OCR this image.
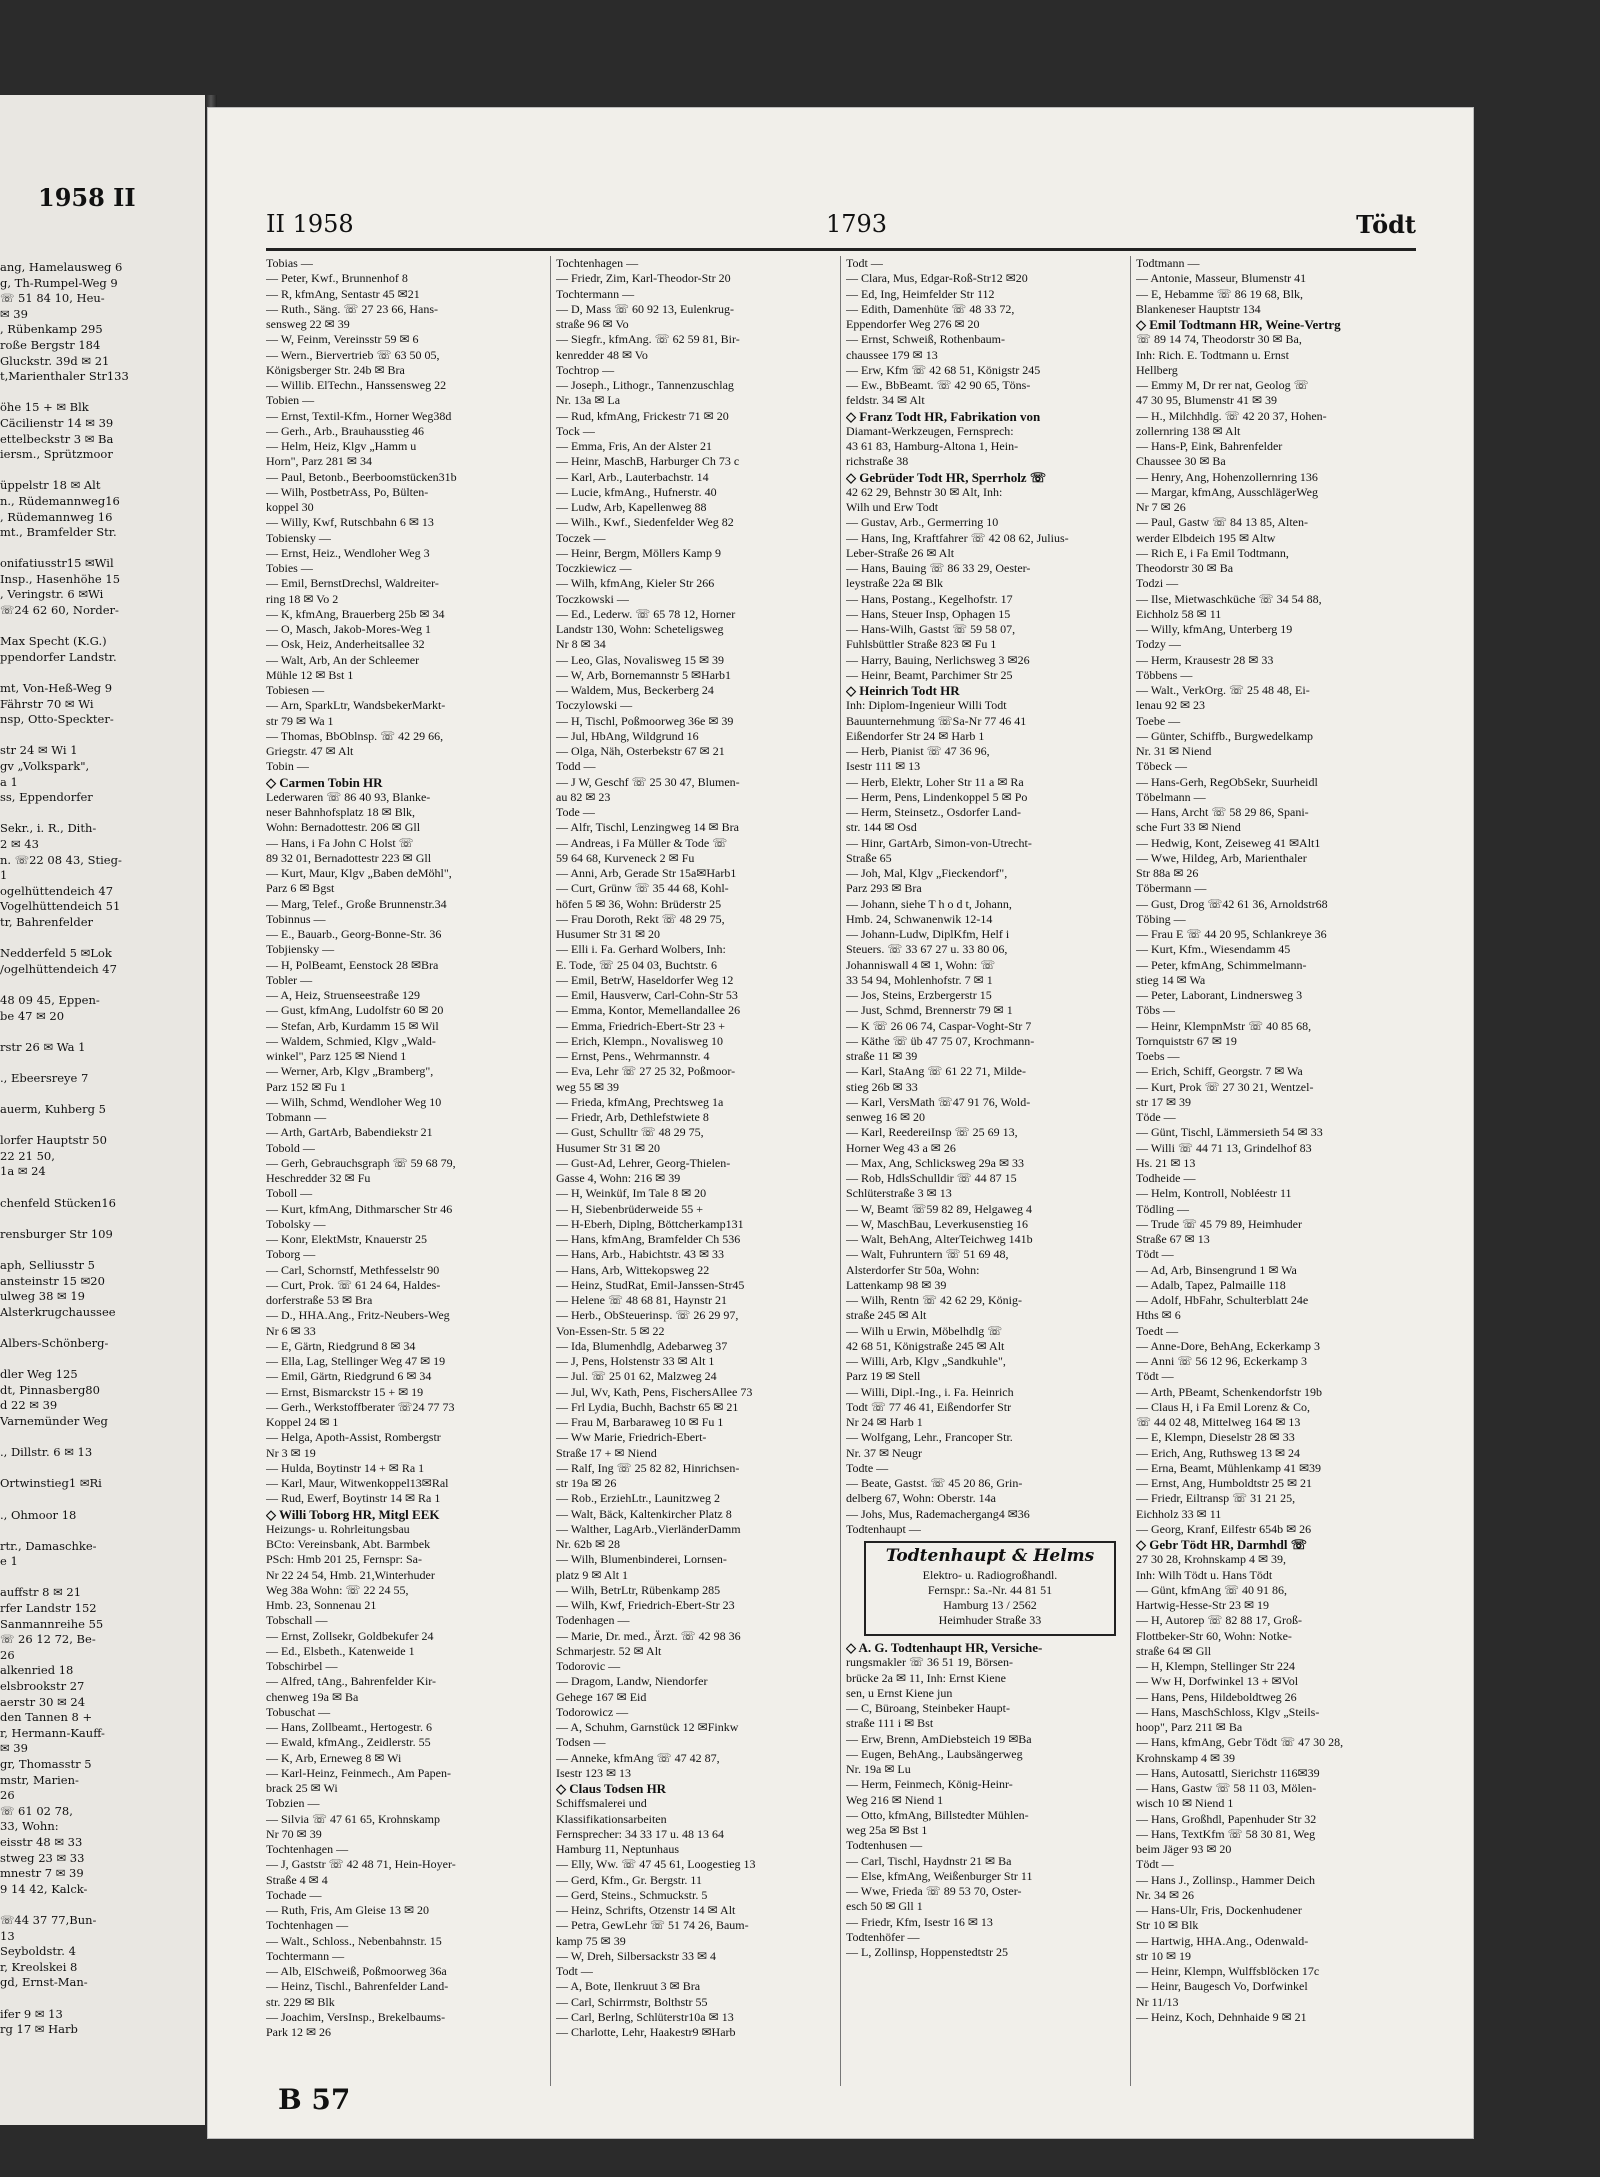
1958 II
ang, Hamelausweg 6
g, Th-Rumpel-Weg 9
☏ 51 84 10, Heu-
✉ 39
, Rübenkamp 295
roße Bergstr 184
Gluckstr. 39d ✉ 21
t,Marienthaler Str133
öhe 15 + ✉ Blk
Cäcilienstr 14 ✉ 39
ettelbeckstr 3 ✉ Ba
iersm., Sprützmoor
üppelstr 18 ✉ Alt
n., Rüdemannweg16
, Rüdemannweg 16
mt., Bramfelder Str.
onifatiusstr15 ✉Wil
Insp., Hasenhöhe 15
, Veringstr. 6 ✉Wi
☏24 62 60, Norder-
Max Specht (K.G.)
ppendorfer Landstr.
mt, Von-Heß-Weg 9
Fährstr 70 ✉ Wi
nsp, Otto-Speckter-
str 24 ✉ Wi 1
gv „Volkspark",
a 1
ss, Eppendorfer
Sekr., i. R., Dith-
2 ✉ 43
n. ☏22 08 43, Stieg-
1
ogelhüttendeich 47
Vogelhüttendeich 51
tr, Bahrenfelder
Nedderfeld 5 ✉Lok
/ogelhüttendeich 47
48 09 45, Eppen-
be 47 ✉ 20
rstr 26 ✉ Wa 1
., Ebeersreye 7
auerm, Kuhberg 5
lorfer Hauptstr 50
22 21 50,
1a ✉ 24
chenfeld Stücken16
rensburger Str 109
aph, Selliusstr 5
ansteinstr 15 ✉20
ulweg 38 ✉ 19
Alsterkrugchaussee
Albers-Schönberg-
dler Weg 125
dt, Pinnasberg80
d 22 ✉ 39
Varnemünder Weg
., Dillstr. 6 ✉ 13
Ortwinstieg1 ✉Ri
., Ohmoor 18
rtr., Damaschke-
e 1
auffstr 8 ✉ 21
rfer Landstr 152
Sanmannreihe 55
☏ 26 12 72, Be-
26
alkenried 18
elsbrookstr 27
aerstr 30 ✉ 24
den Tannen 8 +
r, Hermann-Kauff-
✉ 39
gr, Thomasstr 5
mstr, Marien-
26
☏ 61 02 78,
33, Wohn:
eisstr 48 ✉ 33
stweg 23 ✉ 33
mnestr 7 ✉ 39
9 14 42, Kalck-
☏44 37 77,Bun-
13
Seyboldstr. 4
r, Kreolskei 8
gd, Ernst-Man-
ifer 9 ✉ 13
rg 17 ✉ Harb
II 1958	1793	Tödt
Tobias —
— Peter, Kwf., Brunnenhof 8
— R, kfmAng, Sentastr 45 ✉21
— Ruth., Säng. ☏ 27 23 66, Hans-
sensweg 22 ✉ 39
— W, Feinm, Vereinsstr 59 ✉ 6
— Wern., Biervertrieb ☏ 63 50 05,
Königsberger Str. 24b ✉ Bra
— Willib. ElTechn., Hanssensweg 22
Tobien —
— Ernst, Textil-Kfm., Horner Weg38d
— Gerh., Arb., Brauhausstieg 46
— Helm, Heiz, Klgv „Hamm u
Horn", Parz 281 ✉ 34
— Paul, Betonb., Beerboomstücken31b
— Wilh, PostbetrAss, Po, Bülten-
koppel 30
— Willy, Kwf, Rutschbahn 6 ✉ 13
Tobiensky —
— Ernst, Heiz., Wendloher Weg 3
Tobies —
— Emil, BernstDrechsl, Waldreiter-
ring 18 ✉ Vo 2
— K, kfmAng, Brauerberg 25b ✉ 34
— O, Masch, Jakob-Mores-Weg 1
— Osk, Heiz, Anderheitsallee 32
— Walt, Arb, An der Schleemer
Mühle 12 ✉ Bst 1
Tobiesen —
— Arn, SparkLtr, WandsbekerMarkt-
str 79 ✉ Wa 1
— Thomas, BbOblnsp. ☏ 42 29 66,
Griegstr. 47 ✉ Alt
Tobin —
◇ Carmen Tobin HR
Lederwaren ☏ 86 40 93, Blanke-
neser Bahnhofsplatz 18 ✉ Blk,
Wohn: Bernadottestr. 206 ✉ Gll
— Hans, i Fa John C Holst ☏
89 32 01, Bernadottestr 223 ✉ Gll
— Kurt, Maur, Klgv „Baben deMöhl",
Parz 6 ✉ Bgst
— Marg, Telef., Große Brunnenstr.34
Tobinnus —
— E., Bauarb., Georg-Bonne-Str. 36
Tobjiensky —
— H, PolBeamt, Eenstock 28 ✉Bra
Tobler —
— A, Heiz, Struenseestraße 129
— Gust, kfmAng, Ludolfstr 60 ✉ 20
— Stefan, Arb, Kurdamm 15 ✉ Wil
— Waldem, Schmied, Klgv „Wald-
winkel", Parz 125 ✉ Niend 1
— Werner, Arb, Klgv „Bramberg",
Parz 152 ✉ Fu 1
— Wilh, Schmd, Wendloher Weg 10
Tobmann —
— Arth, GartArb, Babendiekstr 21
Tobold —
— Gerh, Gebrauchsgraph ☏ 59 68 79,
Heschredder 32 ✉ Fu
Toboll —
— Kurt, kfmAng, Dithmarscher Str 46
Tobolsky —
— Konr, ElektMstr, Knauerstr 25
Toborg —
— Carl, Schornstf, Methfesselstr 90
— Curt, Prok. ☏ 61 24 64, Haldes-
dorferstraße 53 ✉ Bra
— D., HHA.Ang., Fritz-Neubers-Weg
Nr 6 ✉ 33
— E, Gärtn, Riedgrund 8 ✉ 34
— Ella, Lag, Stellinger Weg 47 ✉ 19
— Emil, Gärtn, Riedgrund 6 ✉ 34
— Ernst, Bismarckstr 15 + ✉ 19
— Gerh., Werkstoffberater ☏24 77 73
Koppel 24 ✉ 1
— Helga, Apoth-Assist, Rombergstr
Nr 3 ✉ 19
— Hulda, Boytinstr 14 + ✉ Ra 1
— Karl, Maur, Witwenkoppel13✉Ral
— Rud, Ewerf, Boytinstr 14 ✉ Ra 1
◇ Willi Toborg HR, Mitgl EEK
Heizungs- u. Rohrleitungsbau
BCto: Vereinsbank, Abt. Barmbek
PSch: Hmb 201 25, Fernspr: Sa-
Nr 22 24 54, Hmb. 21,Winterhuder
Weg 38a Wohn: ☏ 22 24 55,
Hmb. 23, Sonnenau 21
Tobschall —
— Ernst, Zollsekr, Goldbekufer 24
— Ed., Elsbeth., Katenweide 1
Tobschirbel —
— Alfred, tAng., Bahrenfelder Kir-
chenweg 19a ✉ Ba
Tobuschat —
— Hans, Zollbeamt., Hertogestr. 6
— Ewald, kfmAng., Zeidlerstr. 55
— K, Arb, Erneweg 8 ✉ Wi
— Karl-Heinz, Feinmech., Am Papen-
brack 25 ✉ Wi
Tobzien —
— Silvia ☏ 47 61 65, Krohnskamp
Nr 70 ✉ 39
Tochtenhagen —
— J, Gaststr ☏ 42 48 71, Hein-Hoyer-
Straße 4 ✉ 4
Tochade —
— Ruth, Fris, Am Gleise 13 ✉ 20
Tochtenhagen —
— Walt., Schloss., Nebenbahnstr. 15
Tochtermann —
— Alb, ElSchweiß, Poßmoorweg 36a
— Heinz, Tischl., Bahrenfelder Land-
str. 229 ✉ Blk
— Joachim, VersInsp., Brekelbaums-
Park 12 ✉ 26
Tochtenhagen —
— Friedr, Zim, Karl-Theodor-Str 20
Tochtermann —
— D, Mass ☏ 60 92 13, Eulenkrug-
straße 96 ✉ Vo
— Siegfr., kfmAng. ☏ 62 59 81, Bir-
kenredder 48 ✉ Vo
Tochtrop —
— Joseph., Lithogr., Tannenzuschlag
Nr. 13a ✉ La
— Rud, kfmAng, Frickestr 71 ✉ 20
Tock —
— Emma, Fris, An der Alster 21
— Heinr, MaschB, Harburger Ch 73 c
— Karl, Arb., Lauterbachstr. 14
— Lucie, kfmAng., Hufnerstr. 40
— Ludw, Arb, Kapellenweg 88
— Wilh., Kwf., Siedenfelder Weg 82
Toczek —
— Heinr, Bergm, Möllers Kamp 9
Toczkiewicz —
— Wilh, kfmAng, Kieler Str 266
Toczkowski —
— Ed., Lederw. ☏ 65 78 12, Horner
Landstr 130, Wohn: Scheteligsweg
Nr 8 ✉ 34
— Leo, Glas, Novalisweg 15 ✉ 39
— W, Arb, Bornemannstr 5 ✉Harb1
— Waldem, Mus, Beckerberg 24
Toczylowski —
— H, Tischl, Poßmoorweg 36e ✉ 39
— Jul, HbAng, Wildgrund 16
— Olga, Näh, Osterbekstr 67 ✉ 21
Todd —
— J W, Geschf ☏ 25 30 47, Blumen-
au 82 ✉ 23
Tode —
— Alfr, Tischl, Lenzingweg 14 ✉ Bra
— Andreas, i Fa Müller & Tode ☏
59 64 68, Kurveneck 2 ✉ Fu
— Anni, Arb, Gerade Str 15a✉Harb1
— Curt, Grünw ☏ 35 44 68, Kohl-
höfen 5 ✉ 36, Wohn: Brüderstr 25
— Frau Doroth, Rekt ☏ 48 29 75,
Husumer Str 31 ✉ 20
— Elli i. Fa. Gerhard Wolbers, Inh:
E. Tode, ☏ 25 04 03, Buchtstr. 6
— Emil, BetrW, Haseldorfer Weg 12
— Emil, Hausverw, Carl-Cohn-Str 53
— Emma, Kontor, Memellandallee 26
— Emma, Friedrich-Ebert-Str 23 +
— Erich, Klempn., Novalisweg 10
— Ernst, Pens., Wehrmannstr. 4
— Eva, Lehr ☏ 27 25 32, Poßmoor-
weg 55 ✉ 39
— Frieda, kfmAng, Prechtsweg 1a
— Friedr, Arb, Dethlefstwiete 8
— Gust, Schulltr ☏ 48 29 75,
Husumer Str 31 ✉ 20
— Gust-Ad, Lehrer, Georg-Thielen-
Gasse 4, Wohn: 216 ✉ 39
— H, Weinküf, Im Tale 8 ✉ 20
— H, Siebenbrüderweide 55 +
— H-Eberh, Diplng, Böttcherkamp131
— Hans, kfmAng, Bramfelder Ch 536
— Hans, Arb., Habichtstr. 43 ✉ 33
— Hans, Arb, Wittekopsweg 22
— Heinz, StudRat, Emil-Janssen-Str45
— Helene ☏ 48 68 81, Haynstr 21
— Herb., ObSteuerinsp. ☏ 26 29 97,
Von-Essen-Str. 5 ✉ 22
— Ida, Blumenhdlg, Adebarweg 37
— J, Pens, Holstenstr 33 ✉ Alt 1
— Jul. ☏ 25 01 62, Malzweg 24
— Jul, Wv, Kath, Pens, FischersAllee 73
— Frl Lydia, Buchh, Bachstr 65 ✉ 21
— Frau M, Barbaraweg 10 ✉ Fu 1
— Ww Marie, Friedrich-Ebert-
Straße 17 + ✉ Niend
— Ralf, Ing ☏ 25 82 82, Hinrichsen-
str 19a ✉ 26
— Rob., ErziehLtr., Launitzweg 2
— Walt, Bäck, Kaltenkircher Platz 8
— Walther, LagArb.,VierländerDamm
Nr. 62b ✉ 28
— Wilh, Blumenbinderei, Lornsen-
platz 9 ✉ Alt 1
— Wilh, BetrLtr, Rübenkamp 285
— Wilh, Kwf, Friedrich-Ebert-Str 23
Todenhagen —
— Marie, Dr. med., Ärzt. ☏ 42 98 36
Schmarjestr. 52 ✉ Alt
Todorovic —
— Dragom, Landw, Niendorfer
Gehege 167 ✉ Eid
Todorowicz —
— A, Schuhm, Garnstück 12 ✉Finkw
Todsen —
— Anneke, kfmAng ☏ 47 42 87,
Isestr 123 ✉ 13
◇ Claus Todsen HR
Schiffsmalerei und
Klassifikationsarbeiten
Fernsprecher: 34 33 17 u. 48 13 64
Hamburg 11, Neptunhaus
— Elly, Ww. ☏ 47 45 61, Loogestieg 13
— Gerd, Kfm., Gr. Bergstr. 11
— Gerd, Steins., Schmuckstr. 5
— Heinz, Schrifts, Otzenstr 14 ✉ Alt
— Petra, GewLehr ☏ 51 74 26, Baum-
kamp 75 ✉ 39
— W, Dreh, Silbersackstr 33 ✉ 4
Todt —
— A, Bote, Ilenkruut 3 ✉ Bra
— Carl, Schirrmstr, Bolthstr 55
— Carl, Berlng, Schlüterstr10a ✉ 13
— Charlotte, Lehr, Haakestr9 ✉Harb
Todt —
— Clara, Mus, Edgar-Roß-Str12 ✉20
— Ed, Ing, Heimfelder Str 112
— Edith, Damenhüte ☏ 48 33 72,
Eppendorfer Weg 276 ✉ 20
— Ernst, Schweiß, Rothenbaum-
chaussee 179 ✉ 13
— Erw, Kfm ☏ 42 68 51, Königstr 245
— Ew., BbBeamt. ☏ 42 90 65, Töns-
feldstr. 34 ✉ Alt
◇ Franz Todt HR, Fabrikation von
Diamant-Werkzeugen, Fernsprech:
43 61 83, Hamburg-Altona 1, Hein-
richstraße 38
◇ Gebrüder Todt HR, Sperrholz ☏
42 62 29, Behnstr 30 ✉ Alt, Inh:
Wilh und Erw Todt
— Gustav, Arb., Germerring 10
— Hans, Ing, Kraftfahrer ☏ 42 08 62, Julius-
Leber-Straße 26 ✉ Alt
— Hans, Bauing ☏ 86 33 29, Oester-
leystraße 22a ✉ Blk
— Hans, Postang., Kegelhofstr. 17
— Hans, Steuer Insp, Ophagen 15
— Hans-Wilh, Gastst ☏ 59 58 07,
Fuhlsbüttler Straße 823 ✉ Fu 1
— Harry, Bauing, Nerlichsweg 3 ✉26
— Heinr, Beamt, Parchimer Str 25
◇ Heinrich Todt HR
Inh: Diplom-Ingenieur Willi Todt
Bauunternehmung ☏Sa-Nr 77 46 41
Eißendorfer Str 24 ✉ Harb 1
— Herb, Pianist ☏ 47 36 96,
Isestr 111 ✉ 13
— Herb, Elektr, Loher Str 11 a ✉ Ra
— Herm, Pens, Lindenkoppel 5 ✉ Po
— Herm, Steinsetz., Osdorfer Land-
str. 144 ✉ Osd
— Hinr, GartArb, Simon-von-Utrecht-
Straße 65
— Joh, Mal, Klgv „Fieckendorf",
Parz 293 ✉ Bra
— Johann, siehe T h o d t, Johann,
Hmb. 24, Schwanenwik 12-14
— Johann-Ludw, DiplKfm, Helf i
Steuers. ☏ 33 67 27 u. 33 80 06,
Johanniswall 4 ✉ 1, Wohn: ☏
33 54 94, Mohlenhofstr. 7 ✉ 1
— Jos, Steins, Erzbergerstr 15
— Just, Schmd, Brennerstr 79 ✉ 1
— K ☏ 26 06 74, Caspar-Voght-Str 7
— Käthe ☏ üb 47 75 07, Krochmann-
straße 11 ✉ 39
— Karl, StaAng ☏ 61 22 71, Milde-
stieg 26b ✉ 33
— Karl, VersMath ☏47 91 76, Wold-
senweg 16 ✉ 20
— Karl, ReedereiInsp ☏ 25 69 13,
Horner Weg 43 a ✉ 26
— Max, Ang, Schlicksweg 29a ✉ 33
— Rob, HdlsSchulldir ☏ 44 87 15
Schlüterstraße 3 ✉ 13
— W, Beamt ☏59 82 89, Helgaweg 4
— W, MaschBau, Leverkusenstieg 16
— Walt, BehAng, AlterTeichweg 141b
— Walt, Fuhruntern ☏ 51 69 48,
Alsterdorfer Str 50a, Wohn:
Lattenkamp 98 ✉ 39
— Wilh, Rentn ☏ 42 62 29, König-
straße 245 ✉ Alt
— Wilh u Erwin, Möbelhdlg ☏
42 68 51, Königstraße 245 ✉ Alt
— Willi, Arb, Klgv „Sandkuhle",
Parz 19 ✉ Stell
— Willi, Dipl.-Ing., i. Fa. Heinrich
Todt ☏ 77 46 41, Eißendorfer Str
Nr 24 ✉ Harb 1
— Wolfgang, Lehr., Francoper Str.
Nr. 37 ✉ Neugr
Todte —
— Beate, Gastst. ☏ 45 20 86, Grin-
delberg 67, Wohn: Oberstr. 14a
— Johs, Mus, Rademachergang4 ✉36
Todtenhaupt —
Todtenhaupt & Helms
Elektro- u. Radiogroßhandl.
Fernspr.: Sa.-Nr. 44 81 51
Hamburg 13 / 2562
Heimhuder Straße 33
◇ A. G. Todtenhaupt HR, Versiche-
rungsmakler ☏ 36 51 19, Börsen-
brücke 2a ✉ 11, Inh: Ernst Kiene
sen, u Ernst Kiene jun
— C, Büroang, Steinbeker Haupt-
straße 111 i ✉ Bst
— Erw, Brenn, AmDiebsteich 19 ✉Ba
— Eugen, BehAng., Laubsängerweg
Nr. 19a ✉ Lu
— Herm, Feinmech, König-Heinr-
Weg 216 ✉ Niend 1
— Otto, kfmAng, Billstedter Mühlen-
weg 25a ✉ Bst 1
Todtenhusen —
— Carl, Tischl, Haydnstr 21 ✉ Ba
— Else, kfmAng, Weißenburger Str 11
— Wwe, Frieda ☏ 89 53 70, Oster-
esch 50 ✉ Gll 1
— Friedr, Kfm, Isestr 16 ✉ 13
Todtenhöfer —
— L, Zollinsp, Hoppenstedtstr 25
Todtmann —
— Antonie, Masseur, Blumenstr 41
— E, Hebamme ☏ 86 19 68, Blk,
Blankeneser Hauptstr 134
◇ Emil Todtmann HR, Weine-Vertrg
☏ 89 14 74, Theodorstr 30 ✉ Ba,
Inh: Rich. E. Todtmann u. Ernst
Hellberg
— Emmy M, Dr rer nat, Geolog ☏
47 30 95, Blumenstr 41 ✉ 39
— H., Milchhdlg. ☏ 42 20 37, Hohen-
zollernring 138 ✉ Alt
— Hans-P, Eink, Bahrenfelder
Chaussee 30 ✉ Ba
— Henry, Ang, Hohenzollernring 136
— Margar, kfmAng, AusschlägerWeg
Nr 7 ✉ 26
— Paul, Gastw ☏ 84 13 85, Alten-
werder Elbdeich 195 ✉ Altw
— Rich E, i Fa Emil Todtmann,
Theodorstr 30 ✉ Ba
Todzi —
— Ilse, Mietwaschküche ☏ 34 54 88,
Eichholz 58 ✉ 11
— Willy, kfmAng, Unterberg 19
Todzy —
— Herm, Krausestr 28 ✉ 33
Többens —
— Walt., VerkOrg. ☏ 25 48 48, Ei-
lenau 92 ✉ 23
Toebe —
— Günter, Schiffb., Burgwedelkamp
Nr. 31 ✉ Niend
Töbeck —
— Hans-Gerh, RegObSekr, Suurheidl
Töbelmann —
— Hans, Archt ☏ 58 29 86, Spani-
sche Furt 33 ✉ Niend
— Hedwig, Kont, Zeiseweg 41 ✉Alt1
— Wwe, Hildeg, Arb, Marienthaler
Str 88a ✉ 26
Töbermann —
— Gust, Drog ☏42 61 36, Arnoldstr68
Töbing —
— Frau E ☏ 44 20 95, Schlankreye 36
— Kurt, Kfm., Wiesendamm 45
— Peter, kfmAng, Schimmelmann-
stieg 14 ✉ Wa
— Peter, Laborant, Lindnersweg 3
Töbs —
— Heinr, KlempnMstr ☏ 40 85 68,
Tornquiststr 67 ✉ 19
Toebs —
— Erich, Schiff, Georgstr. 7 ✉ Wa
— Kurt, Prok ☏ 27 30 21, Wentzel-
str 17 ✉ 39
Töde —
— Günt, Tischl, Lämmersieth 54 ✉ 33
— Willi ☏ 44 71 13, Grindelhof 83
Hs. 21 ✉ 13
Todheide —
— Helm, Kontroll, Nobléestr 11
Tödling —
— Trude ☏ 45 79 89, Heimhuder
Straße 67 ✉ 13
Tödt —
— Ad, Arb, Binsengrund 1 ✉ Wa
— Adalb, Tapez, Palmaille 118
— Adolf, HbFahr, Schulterblatt 24e
Hths ✉ 6
Toedt —
— Anne-Dore, BehAng, Eckerkamp 3
— Anni ☏ 56 12 96, Eckerkamp 3
Tödt —
— Arth, PBeamt, Schenkendorfstr 19b
— Claus H, i Fa Emil Lorenz & Co,
☏ 44 02 48, Mittelweg 164 ✉ 13
— E, Klempn, Dieselstr 28 ✉ 33
— Erich, Ang, Ruthsweg 13 ✉ 24
— Erna, Beamt, Mühlenkamp 41 ✉39
— Ernst, Ang, Humboldtstr 25 ✉ 21
— Friedr, Eiltransp ☏ 31 21 25,
Eichholz 33 ✉ 11
— Georg, Kranf, Eilfestr 654b ✉ 26
◇ Gebr Tödt HR, Darmhdl ☏
27 30 28, Krohnskamp 4 ✉ 39,
Inh: Wilh Tödt u. Hans Tödt
— Günt, kfmAng ☏ 40 91 86,
Hartwig-Hesse-Str 23 ✉ 19
— H, Autorep ☏ 82 88 17, Groß-
Flottbeker-Str 60, Wohn: Notke-
straße 64 ✉ Gll
— H, Klempn, Stellinger Str 224
— Ww H, Dorfwinkel 13 + ✉Vol
— Hans, Pens, Hildeboldtweg 26
— Hans, MaschSchloss, Klgv „Steils-
hoop", Parz 211 ✉ Ba
— Hans, kfmAng, Gebr Tödt ☏ 47 30 28,
Krohnskamp 4 ✉ 39
— Hans, Autosattl, Sierichstr 116✉39
— Hans, Gastw ☏ 58 11 03, Mölen-
wisch 10 ✉ Niend 1
— Hans, Großhdl, Papenhuder Str 32
— Hans, TextKfm ☏ 58 30 81, Weg
beim Jäger 93 ✉ 20
Tödt —
— Hans J., Zollinsp., Hammer Deich
Nr. 34 ✉ 26
— Hans-Ulr, Fris, Dockenhudener
Str 10 ✉ Blk
— Hartwig, HHA.Ang., Odenwald-
str 10 ✉ 19
— Heinr, Klempn, Wulffsblöcken 17c
— Heinr, Baugesch Vo, Dorfwinkel
Nr 11/13
— Heinz, Koch, Dehnhaide 9 ✉ 21
B 57
